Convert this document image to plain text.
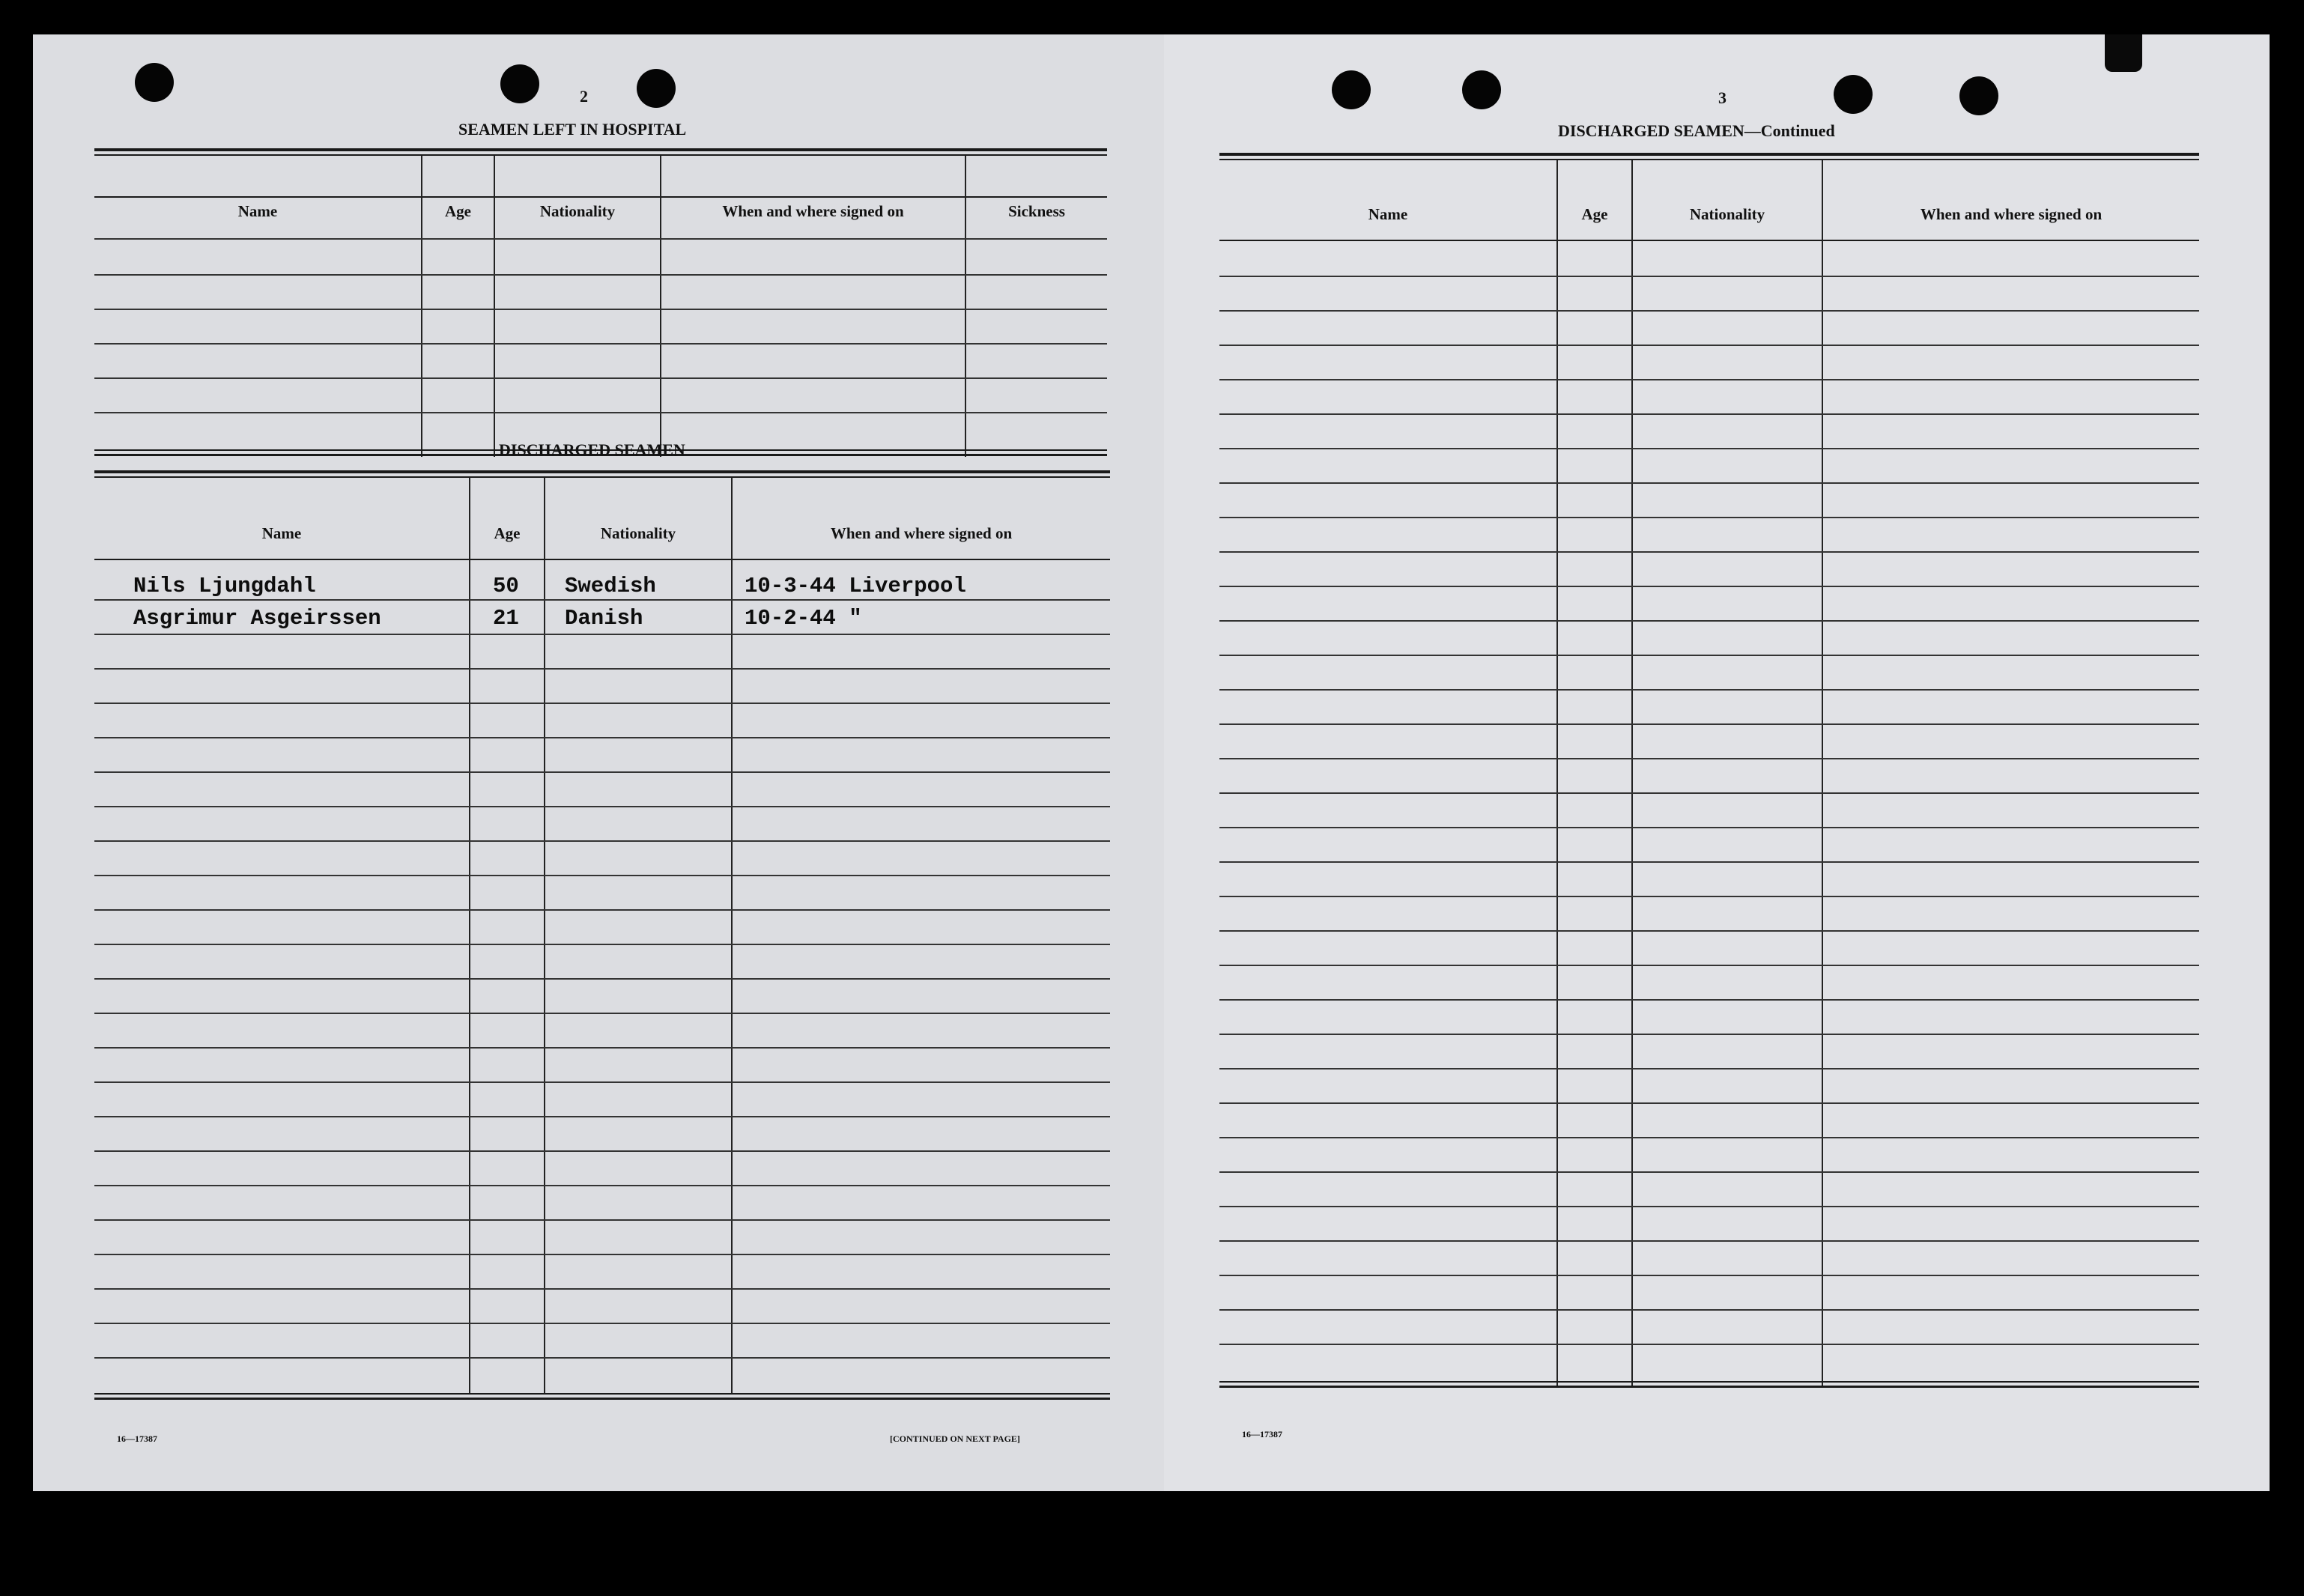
2
SEAMEN LEFT IN HOSPITAL
Name	Age	Nationality	When and where signed on	Sickness
DISCHARGED SEAMEN
Name	Age	Nationality	When and where signed on
Nils Ljungdahl	50 Swedish	10-3-44 Liverpool
Asgrimur Asgeirssen	21 Danish	10-2-44 "
16—17387	[CONTINUED ON NEXT PAGE]
3
DISCHARGED SEAMEN—Continued
Name	Age	Nationality	When and where signed on
16—17387
